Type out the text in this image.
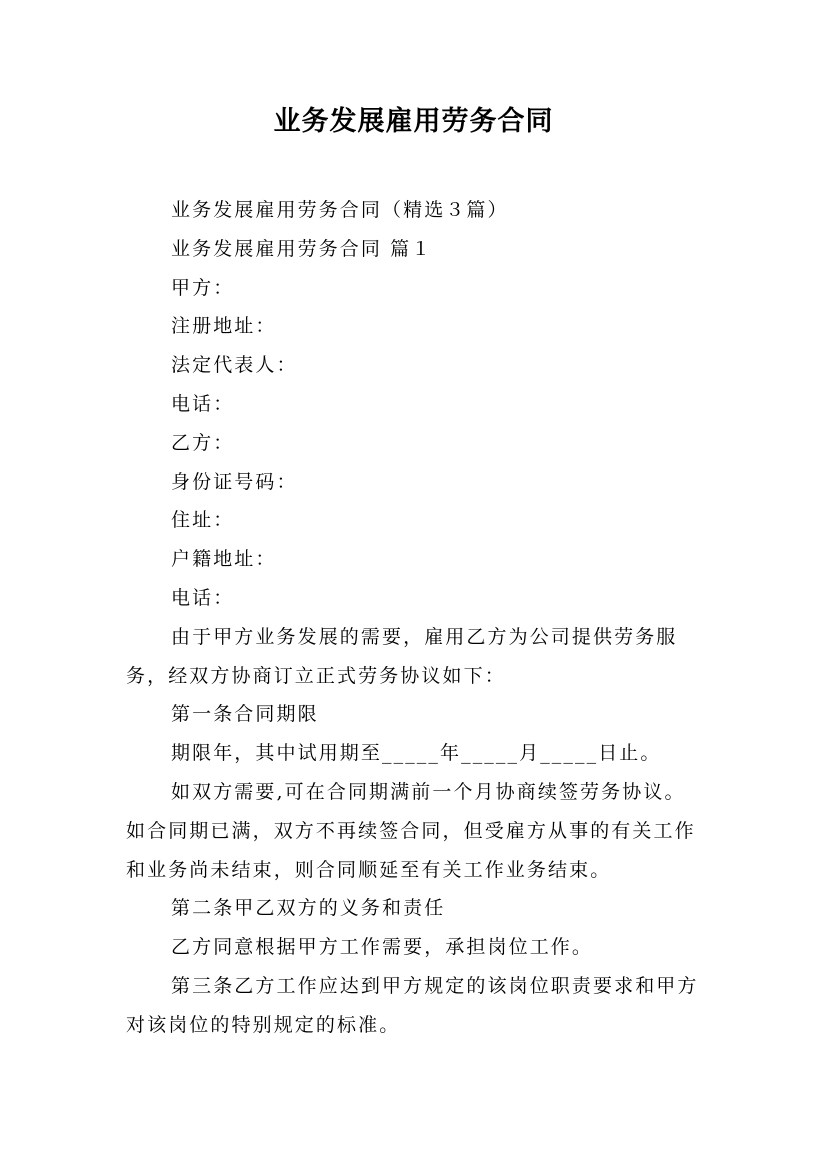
业务发展雇用劳务合同

业务发展雇用劳务合同（精选３篇）

业务发展雇用劳务合同 篇１

甲方：

注册地址：

法定代表人：

电话：

乙方：

身份证号码：

住址：

户籍地址：

电话：

由于甲方业务发展的需要，雇用乙方为公司提供劳务服务，经双方协商订立正式劳务协议如下：

第一条合同期限

期限年，其中试用期至_____年_____月_____日止。

如双方需要,可在合同期满前一个月协商续签劳务协议。如合同期已满，双方不再续签合同，但受雇方从事的有关工作和业务尚未结束，则合同顺延至有关工作业务结束。

第二条甲乙双方的义务和责任

乙方同意根据甲方工作需要，承担岗位工作。

第三条乙方工作应达到甲方规定的该岗位职责要求和甲方对该岗位的特别规定的标准。
